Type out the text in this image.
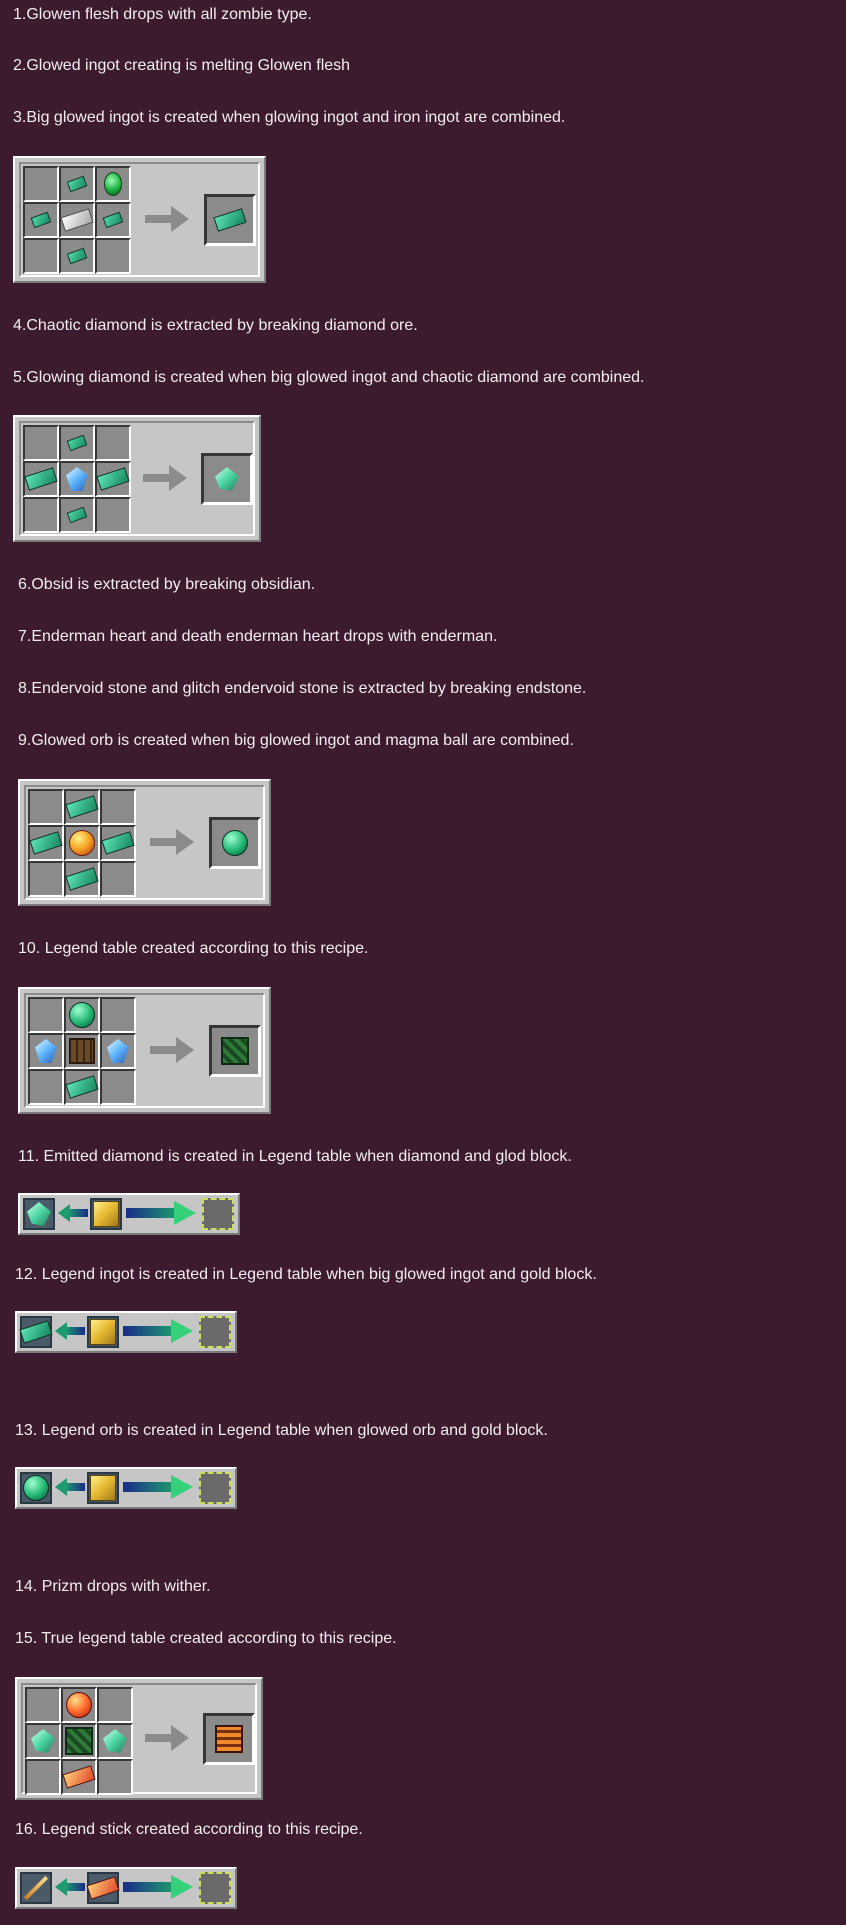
1.Glowen flesh drops with all zombie type.
2.Glowed ingot creating is melting Glowen flesh
3.Big glowed ingot is created when glowing ingot and iron ingot are combined.
4.Chaotic diamond is extracted by breaking diamond ore.
5.Glowing diamond is created when big glowed ingot and chaotic diamond are combined.
6.Obsid is extracted by breaking obsidian.
7.Enderman heart and death enderman heart drops with enderman.
8.Endervoid stone and glitch endervoid stone is extracted by breaking endstone.
9.Glowed orb is created when big glowed ingot and magma ball are combined.
10. Legend table created according to this recipe.
11. Emitted diamond is created in Legend table when diamond and glod block.
12. Legend ingot is created in Legend table when big glowed ingot and gold block.
13. Legend orb is created in Legend table when glowed orb and gold block.
14. Prizm drops with wither.
15. True legend table created according to this recipe.
16. Legend stick created according to this recipe.
